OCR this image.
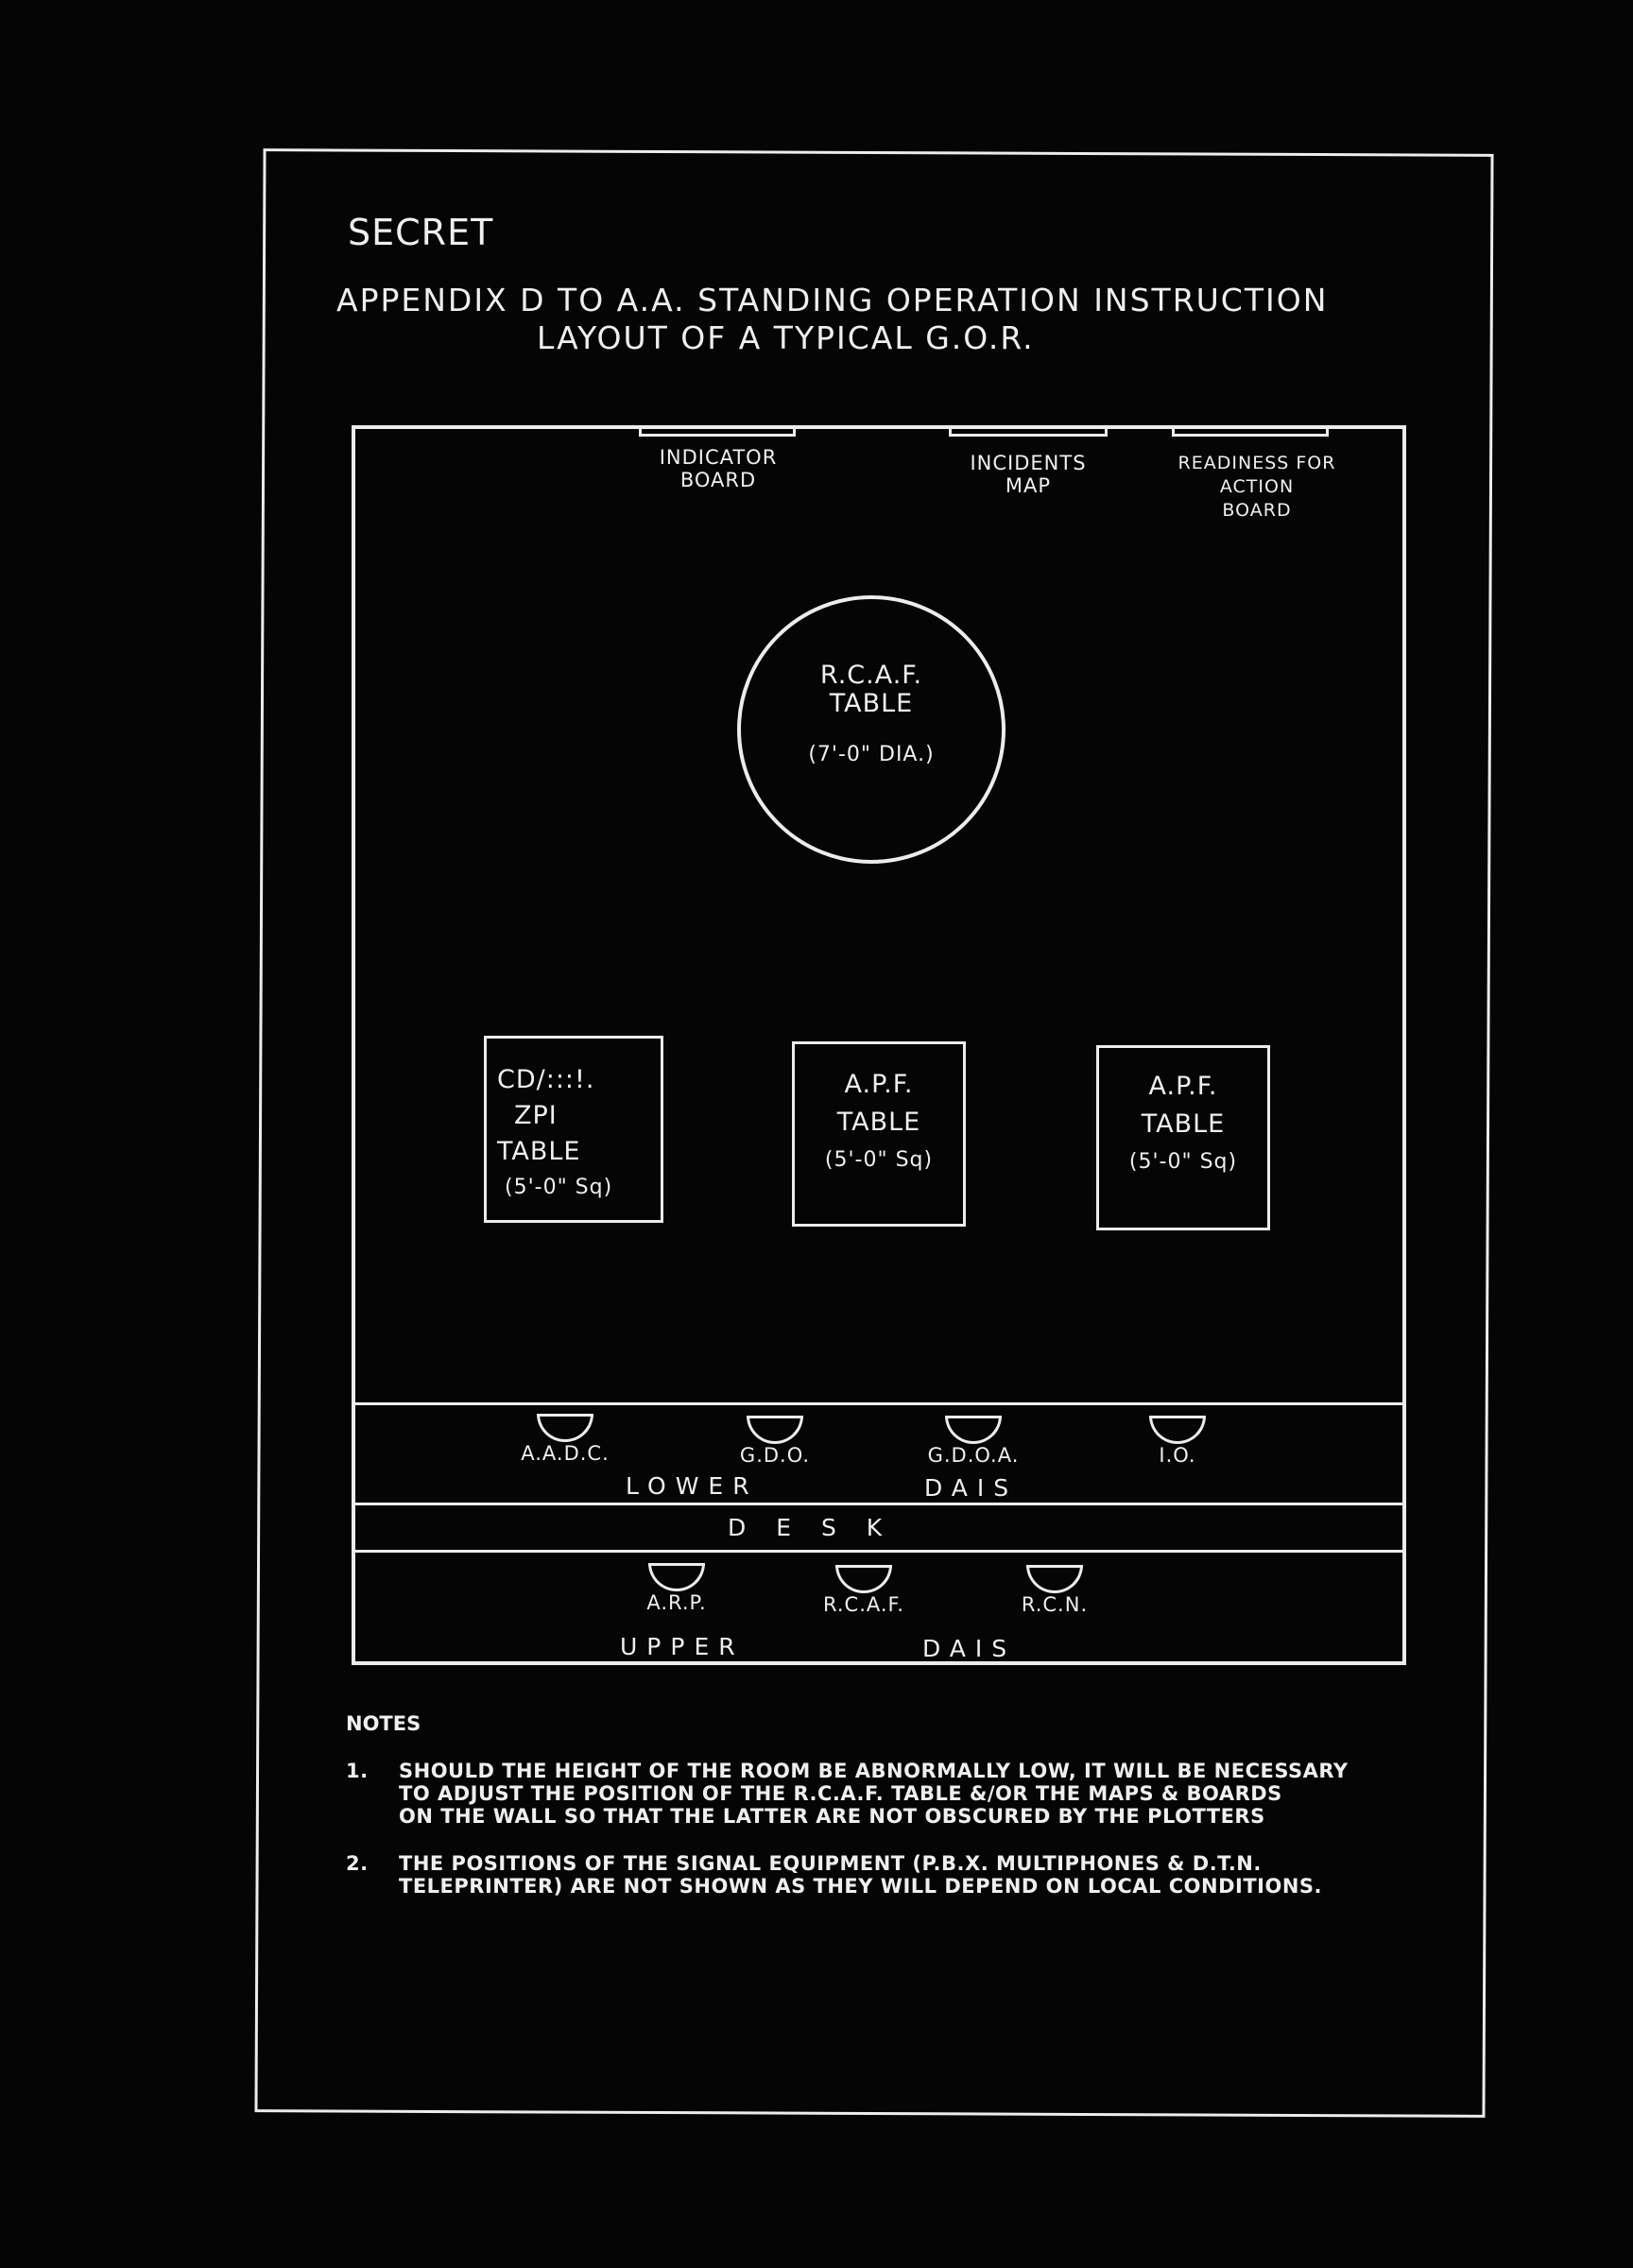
SECRET
APPENDIX D TO A.A. STANDING OPERATION INSTRUCTION
LAYOUT OF A TYPICAL G.O.R.
INDICATOR
BOARD
INCIDENTS
MAP
READINESS FOR
ACTION
BOARD
R.C.A.F.
TABLE
(7'-0" DIA.)
CD/:::!.
ZPI
TABLE
(5'-0" Sq)
A.P.F.
TABLE
(5'-0" Sq)
A.P.F.
TABLE
(5'-0" Sq)
A.A.D.C.	G.D.O.	G.D.O.A.	I.O.
LOWER	DAIS
D E S K
A.R.P.	R.C.A.F.	R.C.N.
UPPER	DAIS
NOTES
1. SHOULD THE HEIGHT OF THE ROOM BE ABNORMALLY LOW, IT WILL BE NECESSARY
TO ADJUST THE POSITION OF THE R.C.A.F. TABLE &/OR THE MAPS & BOARDS
ON THE WALL SO THAT THE LATTER ARE NOT OBSCURED BY THE PLOTTERS
2. THE POSITIONS OF THE SIGNAL EQUIPMENT (P.B.X. MULTIPHONES & D.T.N.
TELEPRINTER) ARE NOT SHOWN AS THEY WILL DEPEND ON LOCAL CONDITIONS.
